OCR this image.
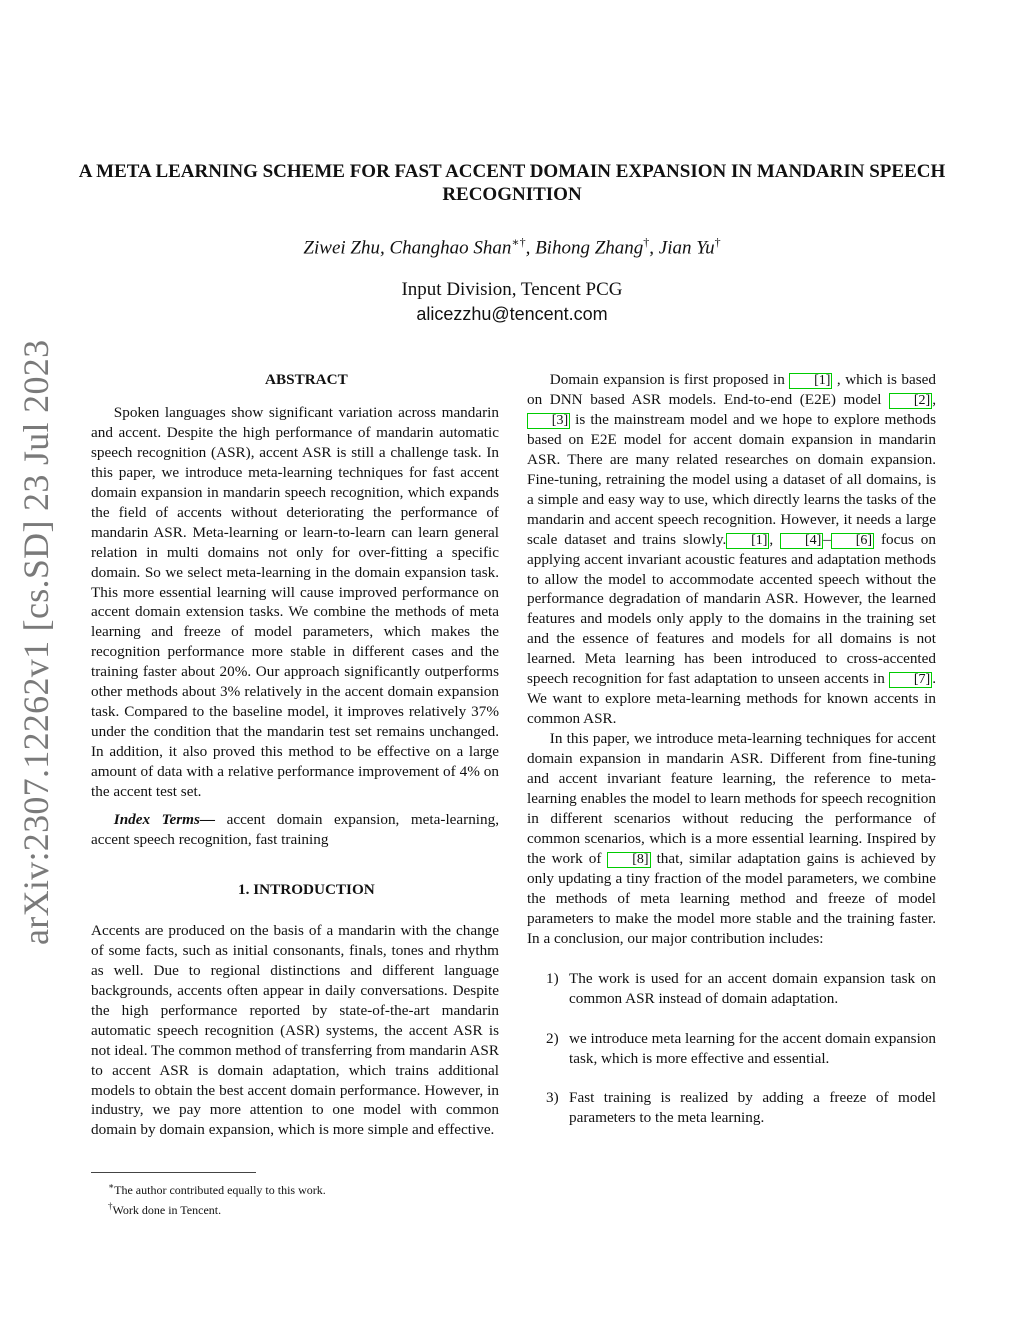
arXiv:2307.12262v1 [cs.SD] 23 Jul 2023
A META LEARNING SCHEME FOR FAST ACCENT DOMAIN EXPANSION IN MANDARIN SPEECH RECOGNITION
Ziwei Zhu, Changhao Shan∗†, Bihong Zhang†, Jian Yu†
Input Division, Tencent PCG
alicezzhu@tencent.com

ABSTRACT

Spoken languages show significant variation across mandarin and accent. Despite the high performance of mandarin automatic speech recognition (ASR), accent ASR is still a challenge task. In this paper, we introduce meta-learning techniques for fast accent domain expansion in mandarin speech recognition, which expands the field of accents without deteriorating the performance of mandarin ASR. Meta-learning or learn-to-learn can learn general relation in multi domains not only for over-fitting a specific domain. So we select meta-learning in the domain expansion task. This more essential learning will cause improved performance on accent domain extension tasks. We combine the methods of meta learning and freeze of model parameters, which makes the recognition performance more stable in different cases and the training faster about 20%. Our approach significantly outperforms other methods about 3% relatively in the accent domain expansion task. Compared to the baseline model, it improves relatively 37% under the condition that the mandarin test set remains unchanged. In addition, it also proved this method to be effective on a large amount of data with a relative performance improvement of 4% on the accent test set.

Index Terms— accent domain expansion, meta-learning, accent speech recognition, fast training

1. INTRODUCTION

Accents are produced on the basis of a mandarin with the change of some facts, such as initial consonants, finals, tones and rhythm as well. Due to regional distinctions and different language backgrounds, accents often appear in daily conversations. Despite the high performance reported by state-of-the-art mandarin automatic speech recognition (ASR) systems, the accent ASR is not ideal. The common method of transferring from mandarin ASR to accent ASR is domain adaptation, which trains additional models to obtain the best accent domain performance. However, in industry, we pay more attention to one model with common domain by domain expansion, which is more simple and effective.

Domain expansion is first proposed in [1] , which is based on DNN based ASR models. End-to-end (E2E) model [2] , [3] is the mainstream model and we hope to explore methods based on E2E model for accent domain expansion in mandarin ASR. There are many related researches on domain expansion. Fine-tuning, retraining the model using a dataset of all domains, is a simple and easy way to use, which directly learns the tasks of the mandarin and accent speech recognition. However, it needs a large scale dataset and trains slowly. [1] , [4] – [6] focus on applying accent invariant acoustic features and adaptation methods to allow the model to accommodate accented speech without the performance degradation of mandarin ASR. However, the learned features and models only apply to the domains in the training set and the essence of features and models for all domains is not learned. Meta learning has been introduced to cross-accented speech recognition for fast adaptation to unseen accents in [7] . We want to explore meta-learning methods for known accents in common ASR.

In this paper, we introduce meta-learning techniques for accent domain expansion in mandarin ASR. Different from fine-tuning and accent invariant feature learning, the reference to meta-learning enables the model to learn methods for speech recognition in different scenarios without reducing the performance of common scenarios, which is a more essential learning. Inspired by the work of [8] that, similar adaptation gains is achieved by only updating a tiny fraction of the model parameters, we combine the methods of meta learning method and freeze of model parameters to make the model more stable and the training faster. In a conclusion, our major contribution includes:

1) The work is used for an accent domain expansion task on common ASR instead of domain adaptation.
2) we introduce meta learning for the accent domain expansion task, which is more effective and essential.
3) Fast training is realized by adding a freeze of model parameters to the meta learning.
∗The author contributed equally to this work.
†Work done in Tencent.
